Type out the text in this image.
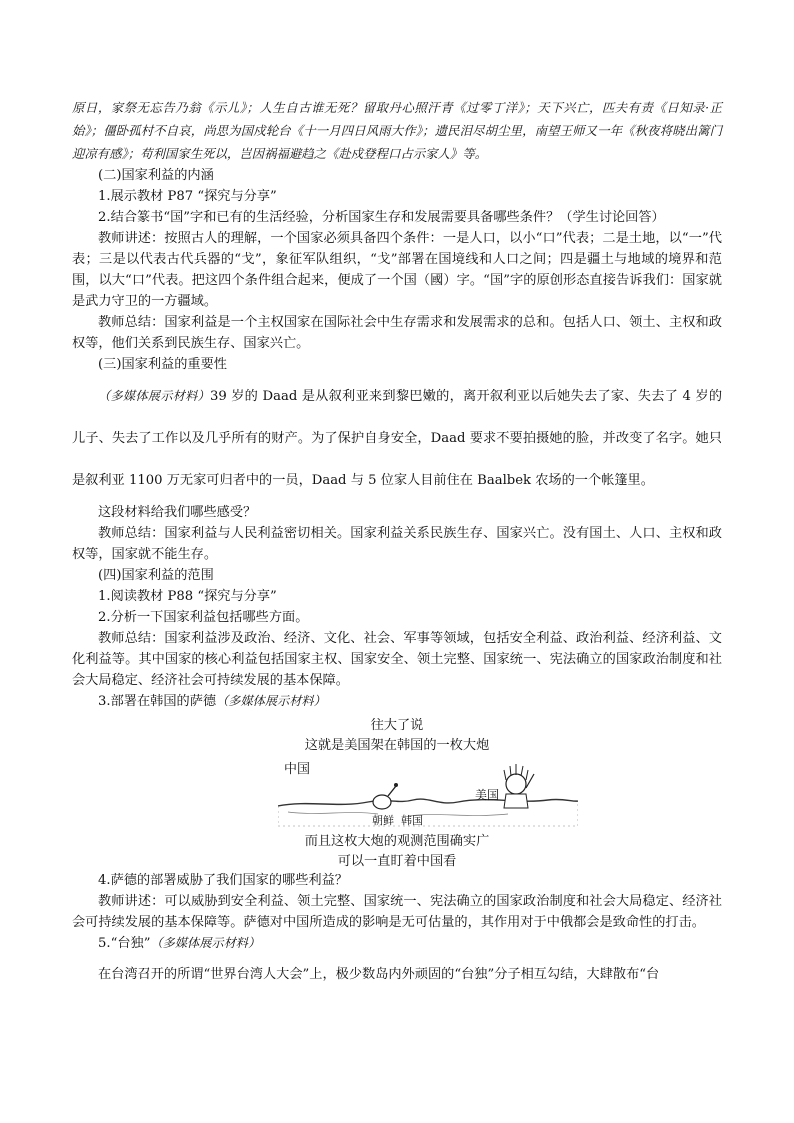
原日，家祭无忘告乃翁《示儿》；人生自古谁无死？留取丹心照汗青《过零丁洋》；天下兴亡，匹夫有责《日知录·正始》；僵卧孤村不自哀，尚思为国戍轮台《十一月四日风雨大作》；遗民泪尽胡尘里，南望王师又一年《秋夜将晓出篱门迎凉有感》；苟利国家生死以，岂因祸福避趋之《赴戍登程口占示家人》等。

(二)国家利益的内涵

1.展示教材 P87 “探究与分享”

2.结合篆书“国”字和已有的生活经验，分析国家生存和发展需要具备哪些条件？（学生讨论回答）

教师讲述：按照古人的理解，一个国家必须具备四个条件：一是人口，以小“口”代表；二是土地，以“一”代表；三是以代表古代兵器的“戈”，象征军队组织，“戈”部署在国境线和人口之间；四是疆土与地域的境界和范围，以大“口”代表。把这四个条件组合起来，便成了一个国（國）字。“国”字的原创形态直接告诉我们：国家就是武力守卫的一方疆域。

教师总结：国家利益是一个主权国家在国际社会中生存需求和发展需求的总和。包括人口、领土、主权和政权等，他们关系到民族生存、国家兴亡。

(三)国家利益的重要性

（多媒体展示材料）39 岁的 Daad 是从叙利亚来到黎巴嫩的，离开叙利亚以后她失去了家、失去了 4 岁的儿子、失去了工作以及几乎所有的财产。为了保护自身安全，Daad 要求不要拍摄她的脸，并改变了名字。她只是叙利亚 1100 万无家可归者中的一员，Daad 与 5 位家人目前住在 Baalbek 农场的一个帐篷里。

这段材料给我们哪些感受？

教师总结：国家利益与人民利益密切相关。国家利益关系民族生存、国家兴亡。没有国土、人口、主权和政权等，国家就不能生存。

(四)国家利益的范围

1.阅读教材 P88 “探究与分享”

2.分析一下国家利益包括哪些方面。

教师总结：国家利益涉及政治、经济、文化、社会、军事等领域，包括安全利益、政治利益、经济利益、文化利益等。其中国家的核心利益包括国家主权、国家安全、领土完整、国家统一、宪法确立的国家政治制度和社会大局稳定、经济社会可持续发展的基本保障。

3.部署在韩国的萨德（多媒体展示材料）

往大了说
这就是美国架在韩国的一枚大炮
中国
美国
朝鲜  韩国
而且这枚大炮的观测范围确实广
可以一直盯着中国看

4.萨德的部署威胁了我们国家的哪些利益？

教师讲述：可以威胁到安全利益、领土完整、国家统一、宪法确立的国家政治制度和社会大局稳定、经济社会可持续发展的基本保障等。萨德对中国所造成的影响是无可估量的，其作用对于中俄都会是致命性的打击。

5.“台独”（多媒体展示材料）

在台湾召开的所谓“世界台湾人大会”上，极少数岛内外顽固的“台独”分子相互勾结，大肆散布“台
